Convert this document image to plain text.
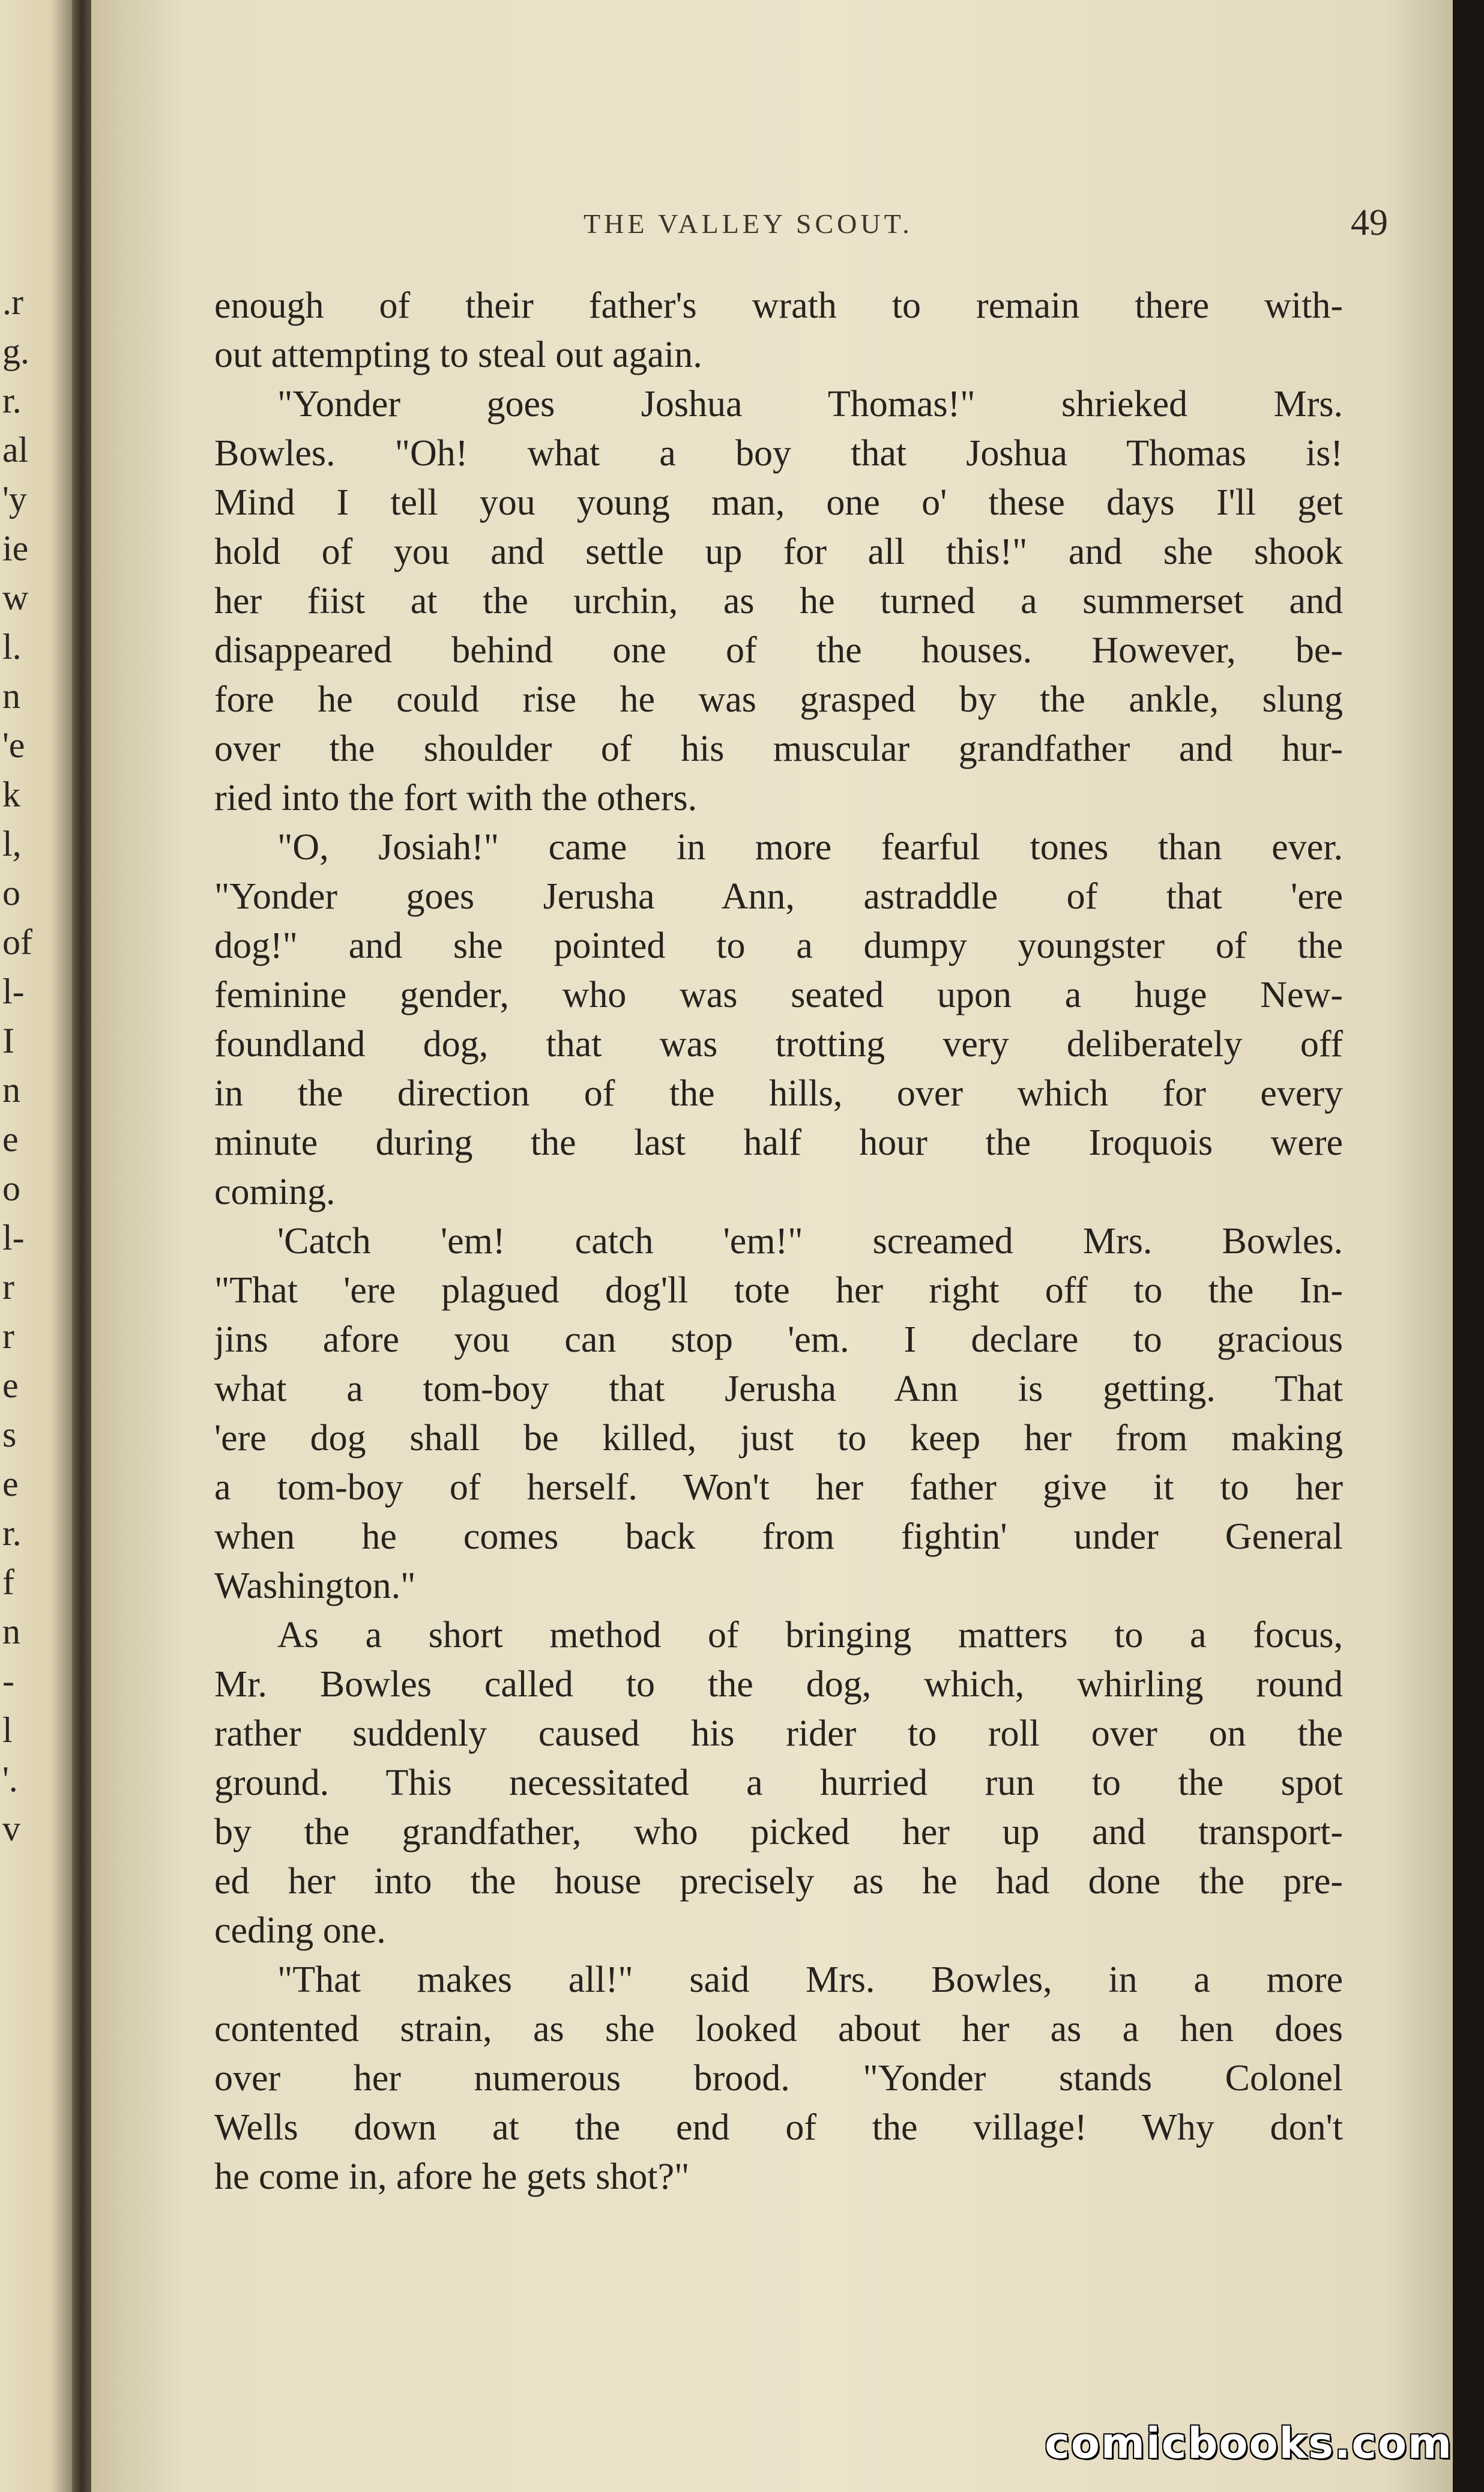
.r
g.
r.
al
'y
ie
w
l.
n
'e
k
l,
o
of
l-
I
n
e
o
l-
r
r
e
s
e
r.
f
n
-
l
'.
v
THE VALLEY SCOUT.	49
enough of their father's wrath to remain there with-
out attempting to steal out again.
"Yonder goes Joshua Thomas!" shrieked Mrs.
Bowles. "Oh! what a boy that Joshua Thomas is!
Mind I tell you young man, one o' these days I'll get
hold of you and settle up for all this!" and she shook
her fiist at the urchin, as he turned a summerset and
disappeared behind one of the houses. However, be-
fore he could rise he was grasped by the ankle, slung
over the shoulder of his muscular grandfather and hur-
ried into the fort with the others.
"O, Josiah!" came in more fearful tones than ever.
"Yonder goes Jerusha Ann, astraddle of that 'ere
dog!" and she pointed to a dumpy youngster of the
feminine gender, who was seated upon a huge New-
foundland dog, that was trotting very deliberately off
in the direction of the hills, over which for every
minute during the last half hour the Iroquois were
coming.
'Catch 'em! catch 'em!" screamed Mrs. Bowles.
"That 'ere plagued dog'll tote her right off to the In-
jins afore you can stop 'em. I declare to gracious
what a tom-boy that Jerusha Ann is getting. That
'ere dog shall be killed, just to keep her from making
a tom-boy of herself. Won't her father give it to her
when he comes back from fightin' under General
Washington."
As a short method of bringing matters to a focus,
Mr. Bowles called to the dog, which, whirling round
rather suddenly caused his rider to roll over on the
ground. This necessitated a hurried run to the spot
by the grandfather, who picked her up and transport-
ed her into the house precisely as he had done the pre-
ceding one.
"That makes all!" said Mrs. Bowles, in a more
contented strain, as she looked about her as a hen does
over her numerous brood. "Yonder stands Colonel
Wells down at the end of the village! Why don't
he come in, afore he gets shot?"
comicbooks.com
